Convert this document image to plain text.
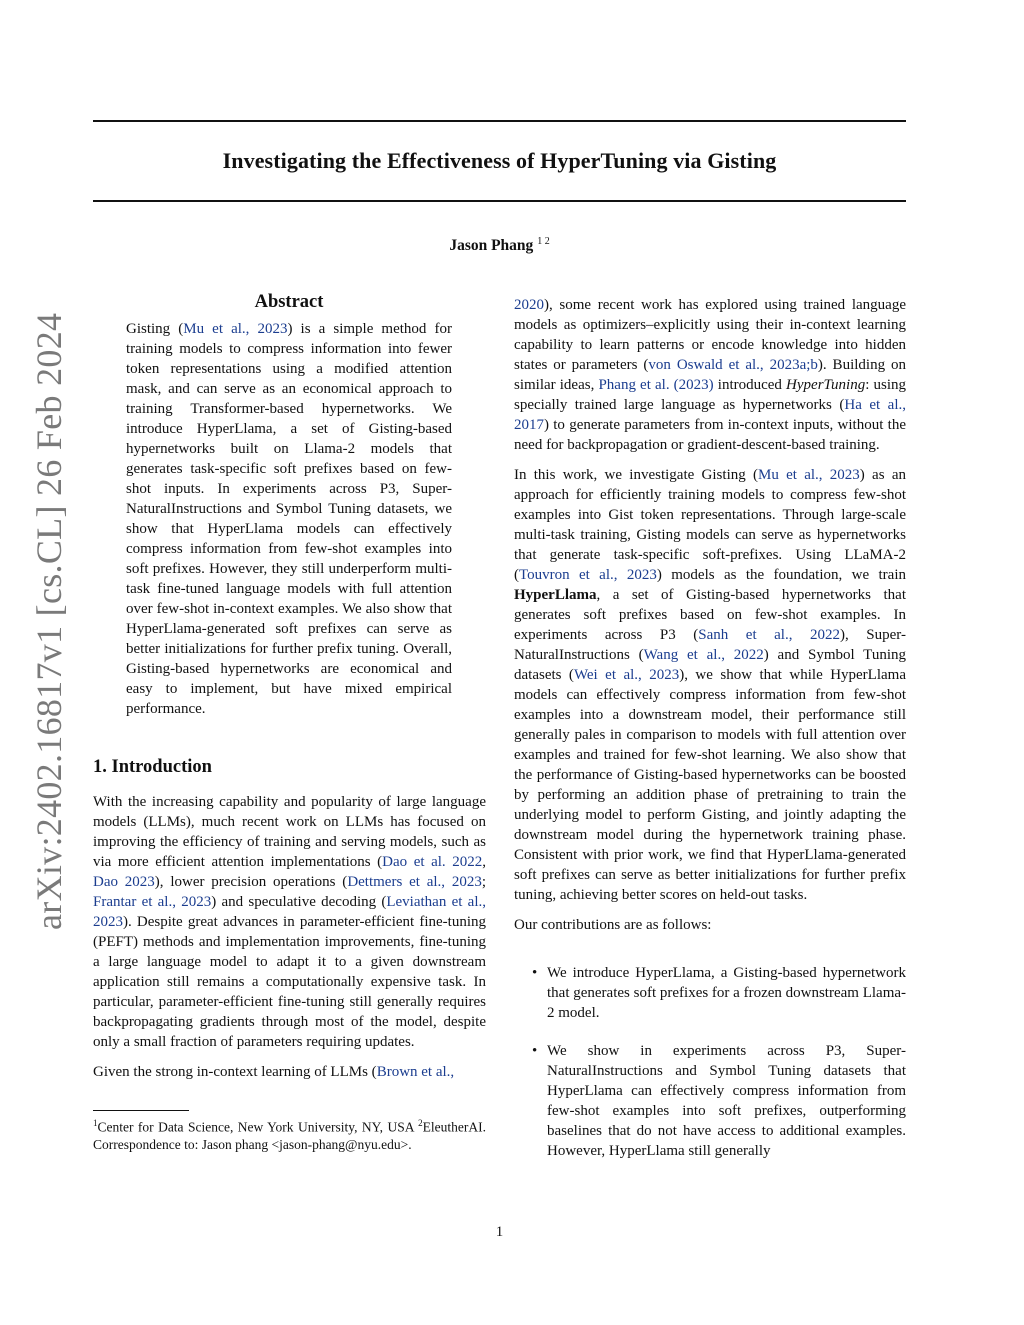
arXiv:2402.16817v1 [cs.CL] 26 Feb 2024
Investigating the Effectiveness of HyperTuning via Gisting
Jason Phang $^{1 2}$
Abstract

Gisting (Mu et al., 2023) is a simple method for training models to compress information into fewer token representations using a modified attention mask, and can serve as an economical approach to training Transformer-based hypernetworks. We introduce HyperLlama, a set of Gisting-based hypernetworks built on Llama-2 models that generates task-specific soft prefixes based on few-shot inputs. In experiments across P3, Super-NaturalInstructions and Symbol Tuning datasets, we show that HyperLlama models can effectively compress information from few-shot examples into soft prefixes. However, they still underperform multi-task fine-tuned language models with full attention over few-shot in-context examples. We also show that HyperLlama-generated soft prefixes can serve as better initializations for further prefix tuning. Overall, Gisting-based hypernetworks are economical and easy to implement, but have mixed empirical performance.

1. Introduction

With the increasing capability and popularity of large language models (LLMs), much recent work on LLMs has focused on improving the efficiency of training and serving models, such as via more efficient attention implementations (Dao et al. 2022, Dao 2023), lower precision operations (Dettmers et al., 2023; Frantar et al., 2023) and speculative decoding (Leviathan et al., 2023). Despite great advances in parameter-efficient fine-tuning (PEFT) methods and implementation improvements, fine-tuning a large language model to adapt it to a given downstream application still remains a computationally expensive task. In particular, parameter-efficient fine-tuning still generally requires backpropagating gradients through most of the model, despite only a small fraction of parameters requiring updates.

Given the strong in-context learning of LLMs (Brown et al.,

$^1$Center for Data Science, New York University, NY, USA $^2$EleutherAI. Correspondence to: Jason phang <jason-phang@nyu.edu>.

2020), some recent work has explored using trained language models as optimizers–explicitly using their in-context learning capability to learn patterns or encode knowledge into hidden states or parameters (von Oswald et al., 2023a;b). Building on similar ideas, Phang et al. (2023) introduced HyperTuning: using specially trained large language as hypernetworks (Ha et al., 2017) to generate parameters from in-context inputs, without the need for backpropagation or gradient-descent-based training.

In this work, we investigate Gisting (Mu et al., 2023) as an approach for efficiently training models to compress few-shot examples into Gist token representations. Through large-scale multi-task training, Gisting models can serve as hypernetworks that generate task-specific soft-prefixes. Using LLaMA-2 (Touvron et al., 2023) models as the foundation, we train HyperLlama, a set of Gisting-based hypernetworks that generates soft prefixes based on few-shot examples. In experiments across P3 (Sanh et al., 2022), Super-NaturalInstructions (Wang et al., 2022) and Symbol Tuning datasets (Wei et al., 2023), we show that while HyperLlama models can effectively compress information from few-shot examples into a downstream model, their performance still generally pales in comparison to models with full attention over examples and trained for few-shot learning. We also show that the performance of Gisting-based hypernetworks can be boosted by performing an addition phase of pretraining to train the underlying model to perform Gisting, and jointly adapting the downstream model during the hypernetwork training phase. Consistent with prior work, we find that HyperLlama-generated soft prefixes can serve as better initializations for further prefix tuning, achieving better scores on held-out tasks.

Our contributions are as follows:

• We introduce HyperLlama, a Gisting-based hypernetwork that generates soft prefixes for a frozen downstream Llama-2 model.
• We show in experiments across P3, Super-NaturalInstructions and Symbol Tuning datasets that HyperLlama can effectively compress information from few-shot examples into soft prefixes, outperforming baselines that do not have access to additional examples. However, HyperLlama still generally
1
